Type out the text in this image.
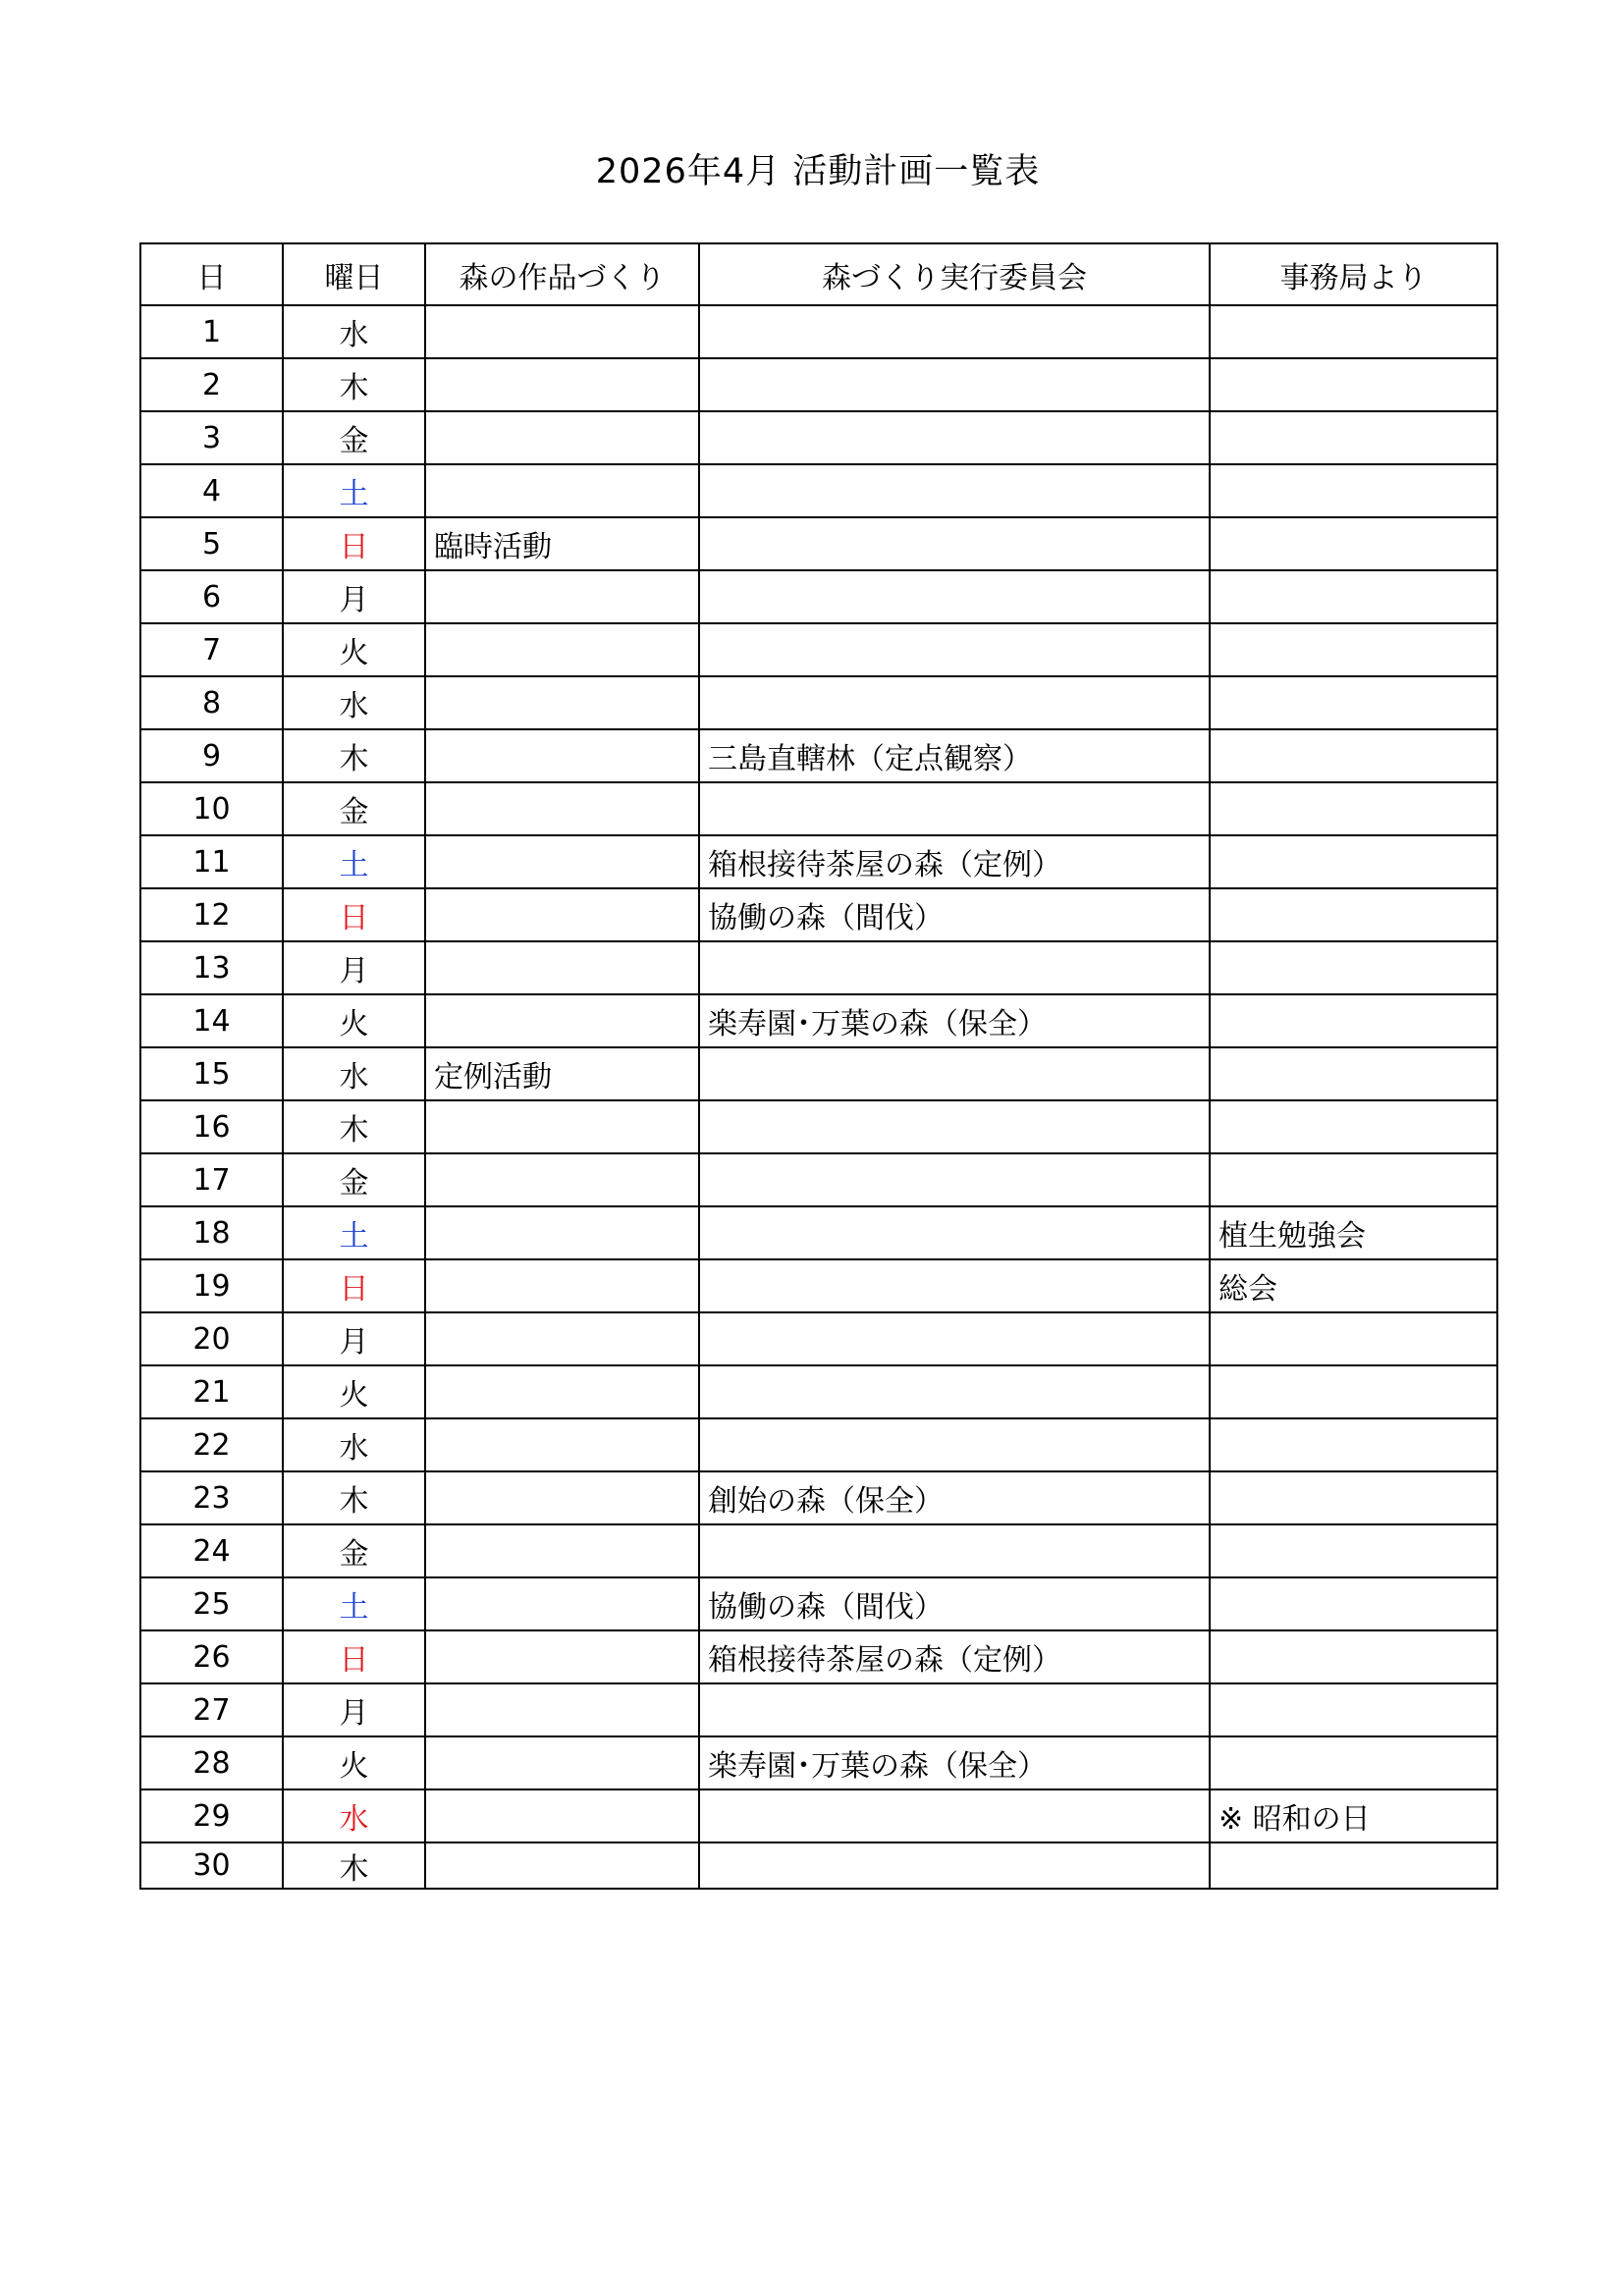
2026年4月 活動計画一覧表
日	曜日	森の作品づくり	森づくり実行委員会	事務局より
1	水			
2	木			
3	金			
4	土			
5	日	臨時活動		
6	月			
7	火			
8	水			
9	木		三島直轄林（定点観察）	
10	金			
11	土		箱根接待茶屋の森（定例）	
12	日		協働の森（間伐）	
13	月			
14	火		楽寿園･万葉の森（保全）	
15	水	定例活動		
16	木			
17	金			
18	土			植生勉強会
19	日			総会
20	月			
21	火			
22	水			
23	木		創始の森（保全）	
24	金			
25	土		協働の森（間伐）	
26	日		箱根接待茶屋の森（定例）	
27	月			
28	火		楽寿園･万葉の森（保全）	
29	水			※ 昭和の日
30	木			
